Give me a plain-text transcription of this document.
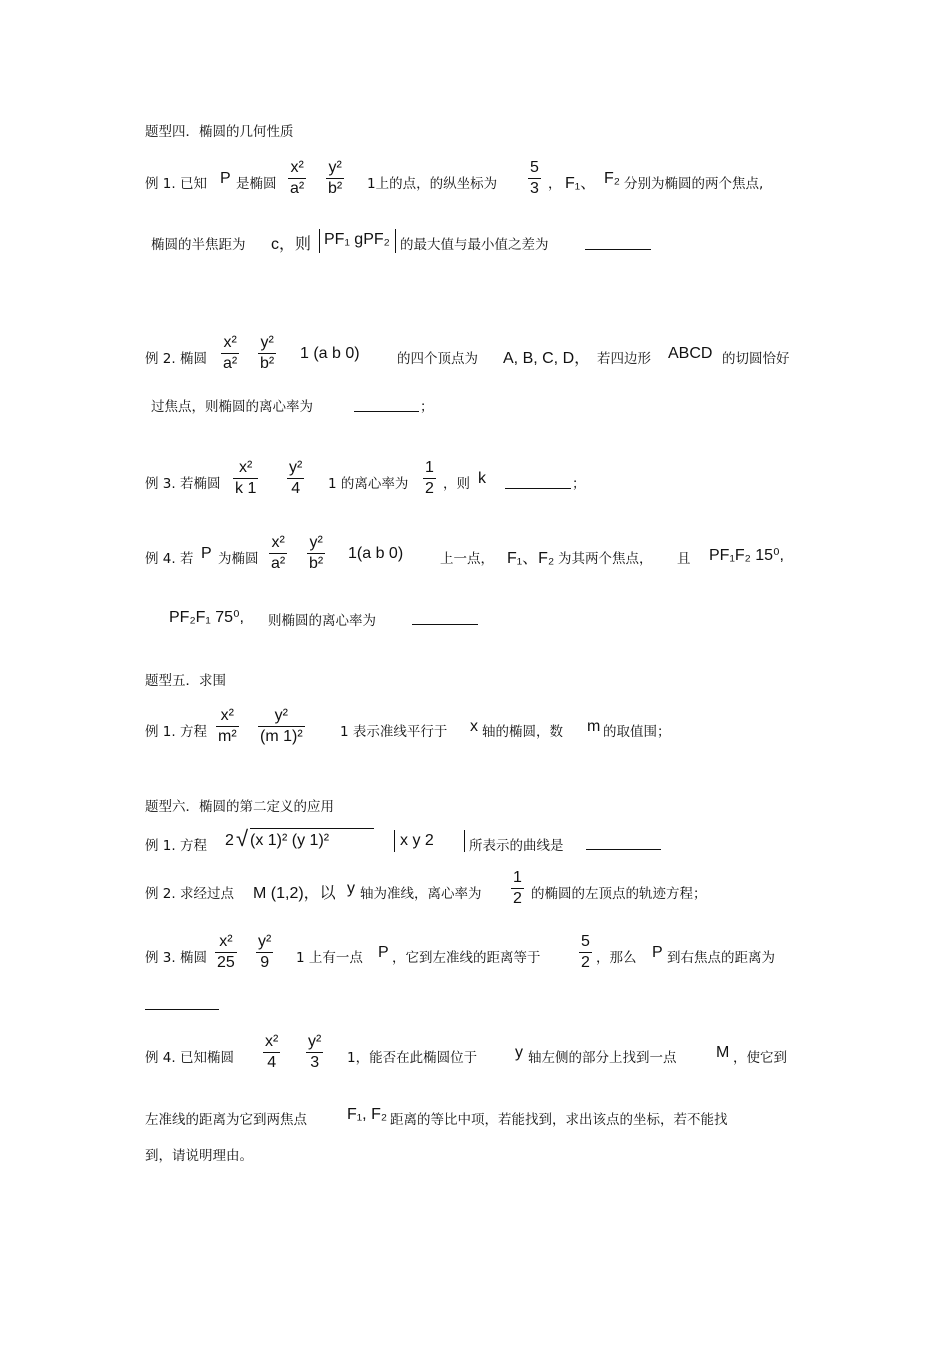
题型四．椭圆的几何性质
例 1. 已知 P 是椭圆
x²
a²
y²
b² 1上的点，的纵坐标为
5
3 ， F₁、 F₂ 分别为椭圆的两个焦点,
椭圆的半焦距为 c，则 PF₁ gPF₂ 的最大值与最小值之差为
例 2. 椭圆
x²
a²
y²
b²
1 (a b 0)	的四个顶点为 A, B, C, D， 若四边形 ABCD 的切圆恰好
过焦点，则椭圆的离心率为	；
例 3. 若椭圆
x²
k 1
y²
4 1 的离心率为
1
2 ，则 k	；
例 4. 若 P 为椭圆
x²
a²
y²
b²
1(a b 0)	上一点， F₁、F₂ 为其两个焦点， 且 PF₁F₂ 15⁰,
PF₂F₁ 75⁰, 则椭圆的离心率为
题型五．求围
例 1. 方程
x²
m²
y²
(m 1)²	1 表示准线平行于 x 轴的椭圆，数 m 的取值围；
题型六．椭圆的第二定义的应用
例 1. 方程 2 √ (x 1)² (y 1)²	x y 2	所表示的曲线是
例 2. 求经过点 M (1,2)，以 y 轴为准线，离心率为
1
2 的椭圆的左顶点的轨迹方程；
例 3. 椭圆
x²
25
y²
9 1 上有一点 P ，它到左准线的距离等于
5
2 ，那么 P 到右焦点的距离为
例 4. 已知椭圆
x²
4
y²
3 1，能否在此椭圆位于 y 轴左侧的部分上找到一点 M ，使它到
左准线的距离为它到两焦点	F₁, F₂ 距离的等比中项，若能找到，求出该点的坐标，若不能找
到，请说明理由。
